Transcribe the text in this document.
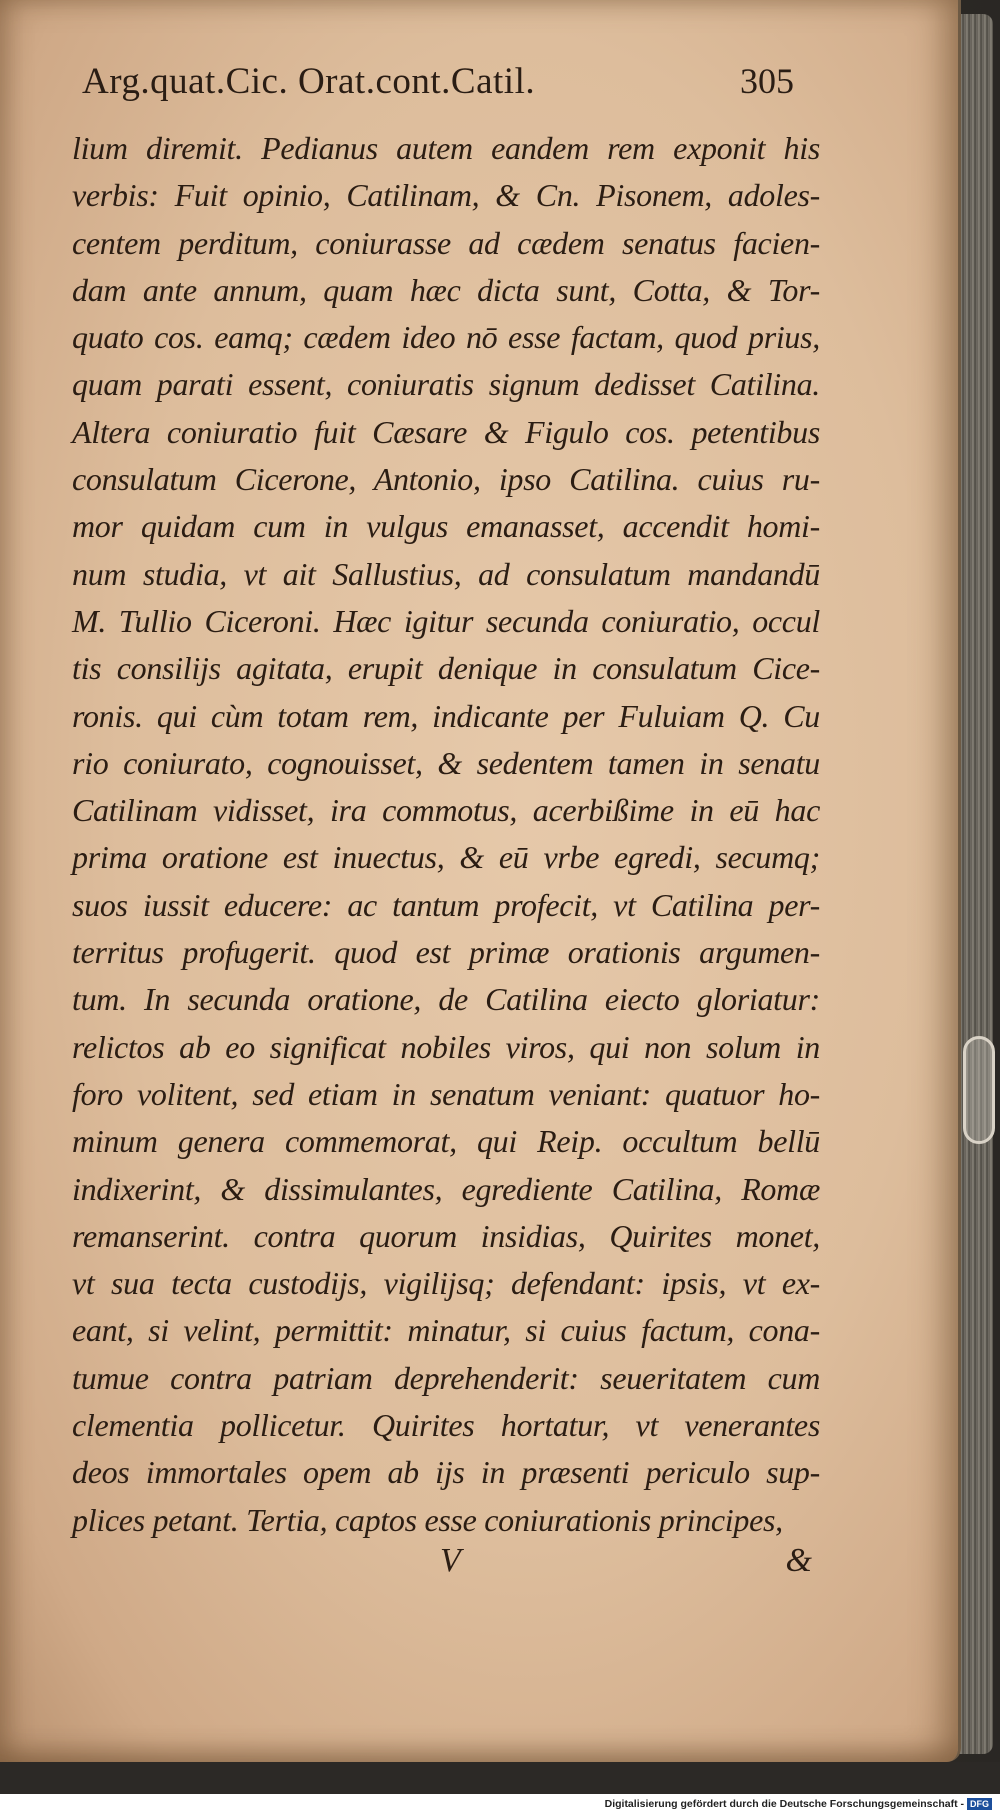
Arg.quat.Cic. Orat.cont.Catil.	305
lium diremit. Pedianus autem eandem rem exponit his
verbis: Fuit opinio, Catilinam, & Cn. Pisonem, adoles-
centem perditum, coniurasse ad cædem senatus facien-
dam ante annum, quam hæc dicta sunt, Cotta, & Tor-
quato cos. eamq; cædem ideo nō esse factam, quod prius,
quam parati essent, coniuratis signum dedisset Catilina.
Altera coniuratio fuit Cæsare & Figulo cos. petentibus
consulatum Cicerone, Antonio, ipso Catilina. cuius ru-
mor quidam cum in vulgus emanasset, accendit homi-
num studia, vt ait Sallustius, ad consulatum mandandū
M. Tullio Ciceroni. Hæc igitur secunda coniuratio, occul
tis consilijs agitata, erupit denique in consulatum Cice-
ronis. qui cùm totam rem, indicante per Fuluiam Q. Cu
rio coniurato, cognouisset, & sedentem tamen in senatu
Catilinam vidisset, ira commotus, acerbißime in eū hac
prima oratione est inuectus, & eū vrbe egredi, secumq;
suos iussit educere: ac tantum profecit, vt Catilina per-
territus profugerit. quod est primæ orationis argumen-
tum. In secunda oratione, de Catilina eiecto gloriatur:
relictos ab eo significat nobiles viros, qui non solum in
foro volitent, sed etiam in senatum veniant: quatuor ho-
minum genera commemorat, qui Reip. occultum bellū
indixerint, & dissimulantes, egrediente Catilina, Romæ
remanserint. contra quorum insidias, Quirites monet,
vt sua tecta custodijs, vigilijsq; defendant: ipsis, vt ex-
eant, si velint, permittit: minatur, si cuius factum, cona-
tumue contra patriam deprehenderit: seueritatem cum
clementia pollicetur. Quirites hortatur, vt venerantes
deos immortales opem ab ijs in præsenti periculo sup-
plices petant. Tertia, captos esse coniurationis principes,
V	&
Digitalisierung gefördert durch die Deutsche Forschungsgemeinschaft - DFG
